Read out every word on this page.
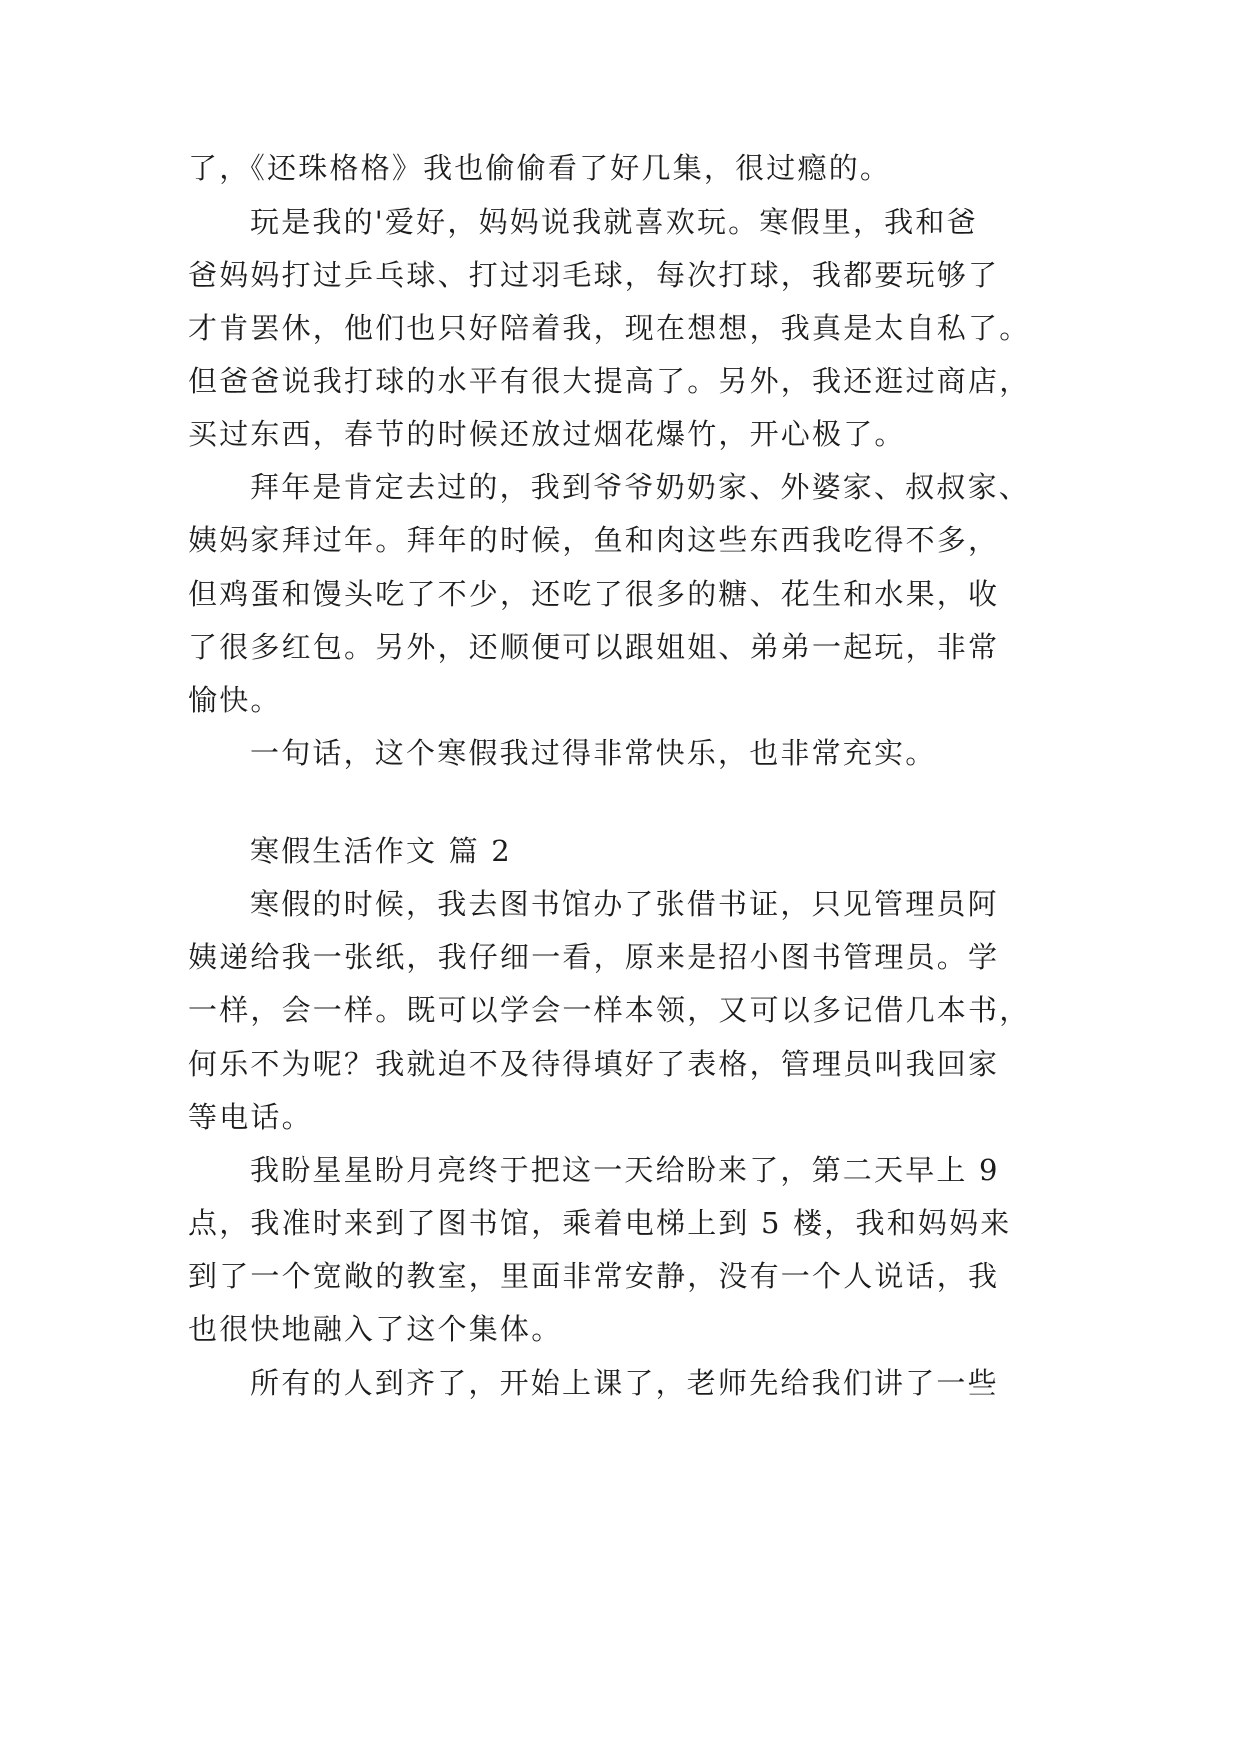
了，《还珠格格》我也偷偷看了好几集，很过瘾的。
玩是我的'爱好，妈妈说我就喜欢玩。寒假里，我和爸
爸妈妈打过乒乓球、打过羽毛球，每次打球，我都要玩够了
才肯罢休，他们也只好陪着我，现在想想，我真是太自私了。
但爸爸说我打球的水平有很大提高了。另外，我还逛过商店，
买过东西，春节的时候还放过烟花爆竹，开心极了。
拜年是肯定去过的，我到爷爷奶奶家、外婆家、叔叔家、
姨妈家拜过年。拜年的时候，鱼和肉这些东西我吃得不多，
但鸡蛋和馒头吃了不少，还吃了很多的糖、花生和水果，收
了很多红包。另外，还顺便可以跟姐姐、弟弟一起玩，非常
愉快。
一句话，这个寒假我过得非常快乐，也非常充实。
寒假生活作文 篇 2
寒假的时候，我去图书馆办了张借书证，只见管理员阿
姨递给我一张纸，我仔细一看，原来是招小图书管理员。学
一样，会一样。既可以学会一样本领，又可以多记借几本书，
何乐不为呢？我就迫不及待得填好了表格，管理员叫我回家
等电话。
我盼星星盼月亮终于把这一天给盼来了，第二天早上 9
点，我准时来到了图书馆，乘着电梯上到 5 楼，我和妈妈来
到了一个宽敞的教室，里面非常安静，没有一个人说话，我
也很快地融入了这个集体。
所有的人到齐了，开始上课了，老师先给我们讲了一些
